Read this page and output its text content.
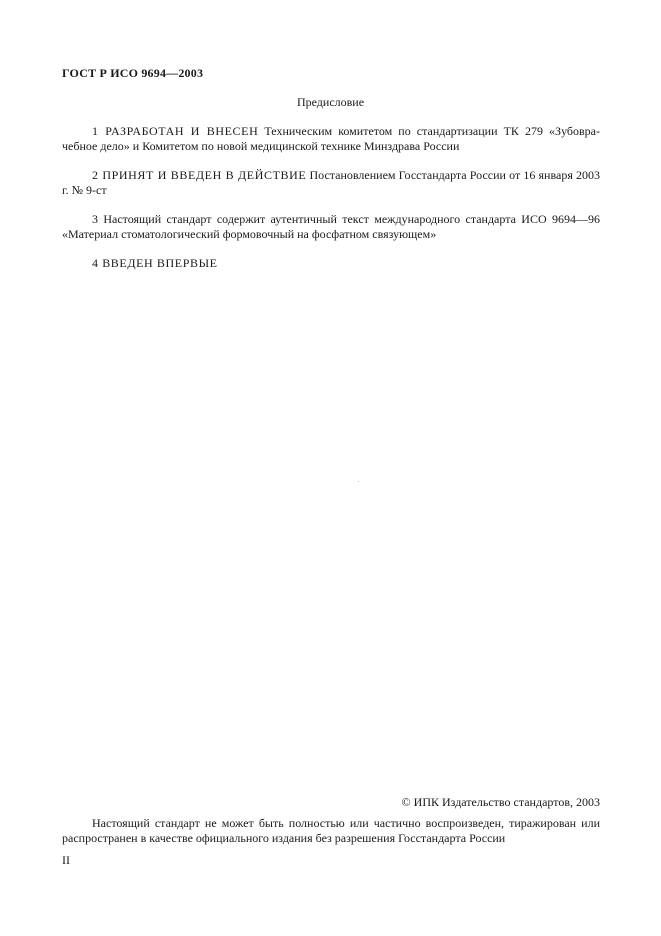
ГОСТ Р ИСО 9694—2003
Предисловие

1 РАЗРАБОТАН И ВНЕСЕН Техническим комитетом по стандартизации ТК 279 «Зубовра-чебное дело» и Комитетом по новой медицинской технике Минздрава России

2 ПРИНЯТ И ВВЕДЕН В ДЕЙСТВИЕ Постановлением Госстандарта России от 16 января 2003 г. № 9-ст

3 Настоящий стандарт содержит аутентичный текст международного стандарта ИСО 9694—96 «Материал стоматологический формовочный на фосфатном связующем»

4 ВВЕДЕН ВПЕРВЫЕ

© ИПК Издательство стандартов, 2003
Настоящий стандарт не может быть полностью или частично воспроизведен, тиражирован или распространен в качестве официального издания без разрешения Госстандарта России
II
